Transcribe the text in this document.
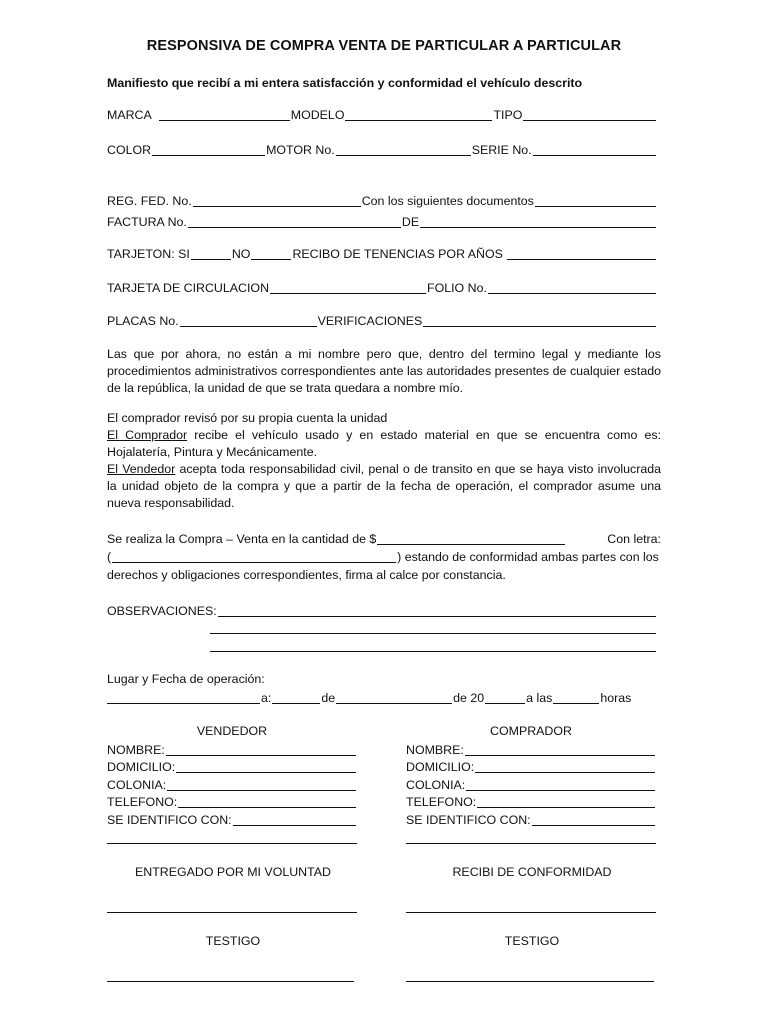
RESPONSIVA DE COMPRA VENTA DE PARTICULAR A PARTICULAR
Manifiesto que recibí a mi entera satisfacción y conformidad el vehículo descrito
MARCA	MODELO	TIPO
COLOR	MOTOR No.	SERIE No.
REG. FED. No.	Con los siguientes documentos
FACTURA No.	DE
TARJETON: SI	NO	RECIBO DE TENENCIAS POR AÑOS
TARJETA DE CIRCULACION	FOLIO No.
PLACAS No.	VERIFICACIONES

Las que por ahora, no están a mi nombre pero que, dentro del termino legal y mediante los procedimientos administrativos correspondientes ante las autoridades presentes de cualquier estado de la república, la unidad de que se trata quedara a nombre mío.

El comprador revisó por su propia cuenta la unidad

El Comprador recibe el vehículo usado y en estado material en que se encuentra como es: Hojalatería, Pintura y Mecánicamente.

El Vendedor acepta toda responsabilidad civil, penal o de transito en que se haya visto involucrada la unidad objeto de la compra y que a partir de la fecha de operación, el comprador asume una nueva responsabilidad.

Se realiza la Compra – Venta en la cantidad de $	Con letra:
(	) estando de conformidad ambas partes con los

derechos y obligaciones correspondientes, firma al calce por constancia.

OBSERVACIONES:

Lugar y Fecha de operación:

a:	de	de 20	a las	horas
VENDEDOR
NOMBRE:
DOMICILIO:
COLONIA:
TELEFONO:
SE IDENTIFICO CON:
COMPRADOR
NOMBRE:
DOMICILIO:
COLONIA:
TELEFONO:
SE IDENTIFICO CON:
ENTREGADO POR MI VOLUNTAD	RECIBI DE CONFORMIDAD
TESTIGO	TESTIGO
